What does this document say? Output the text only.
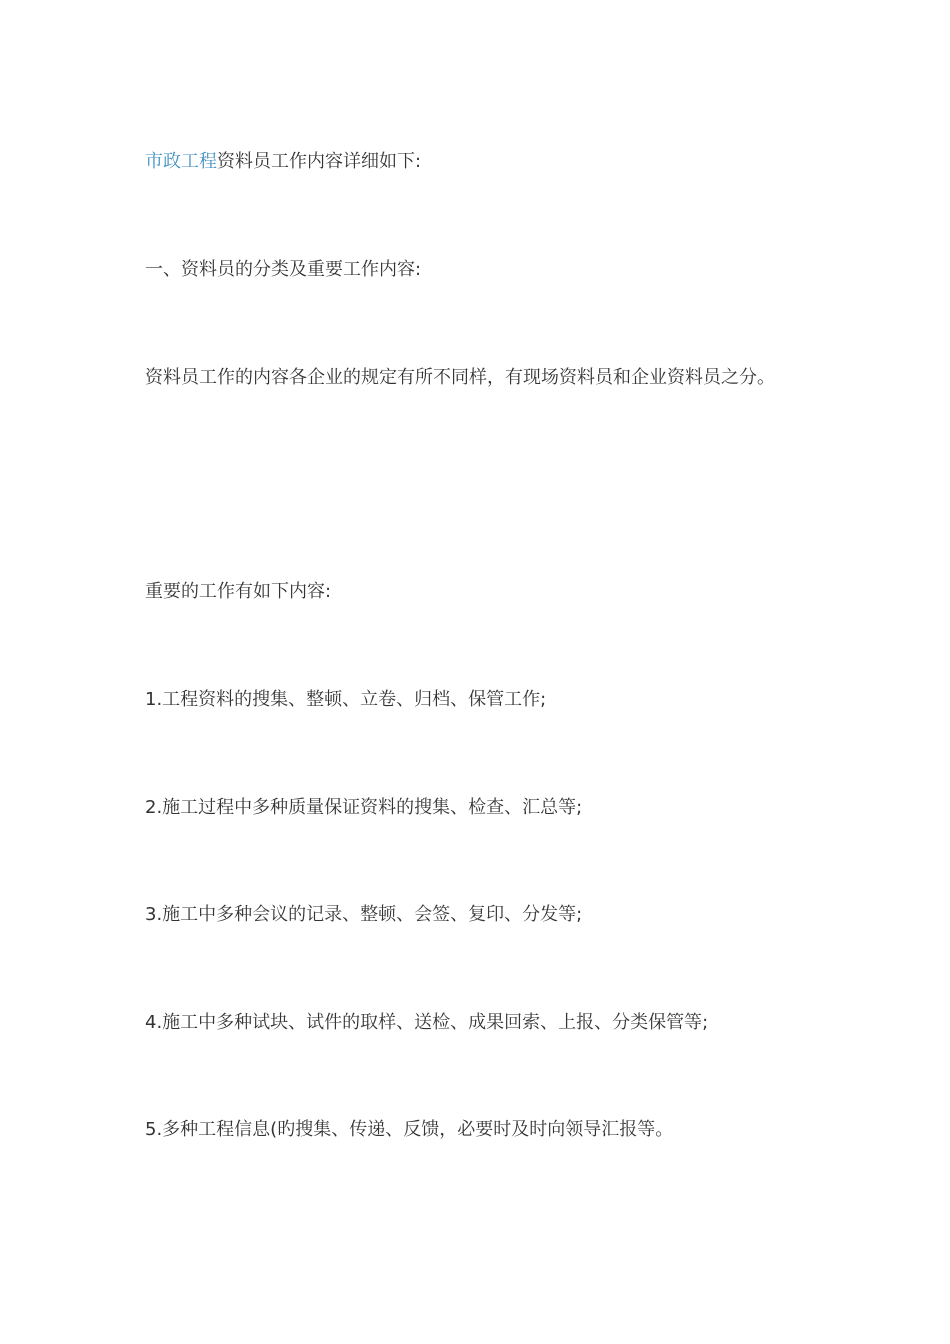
市政工程资料员工作内容详细如下:
一、资料员的分类及重要工作内容:
资料员工作的内容各企业的规定有所不同样，有现场资料员和企业资料员之分。
重要的工作有如下内容:
1.工程资料的搜集、整顿、立卷、归档、保管工作;
2.施工过程中多种质量保证资料的搜集、检查、汇总等;
3.施工中多种会议的记录、整顿、会签、复印、分发等;
4.施工中多种试块、试件的取样、送检、成果回索、上报、分类保管等;
5.多种工程信息(旳搜集、传递、反馈，必要时及时向领导汇报等。
